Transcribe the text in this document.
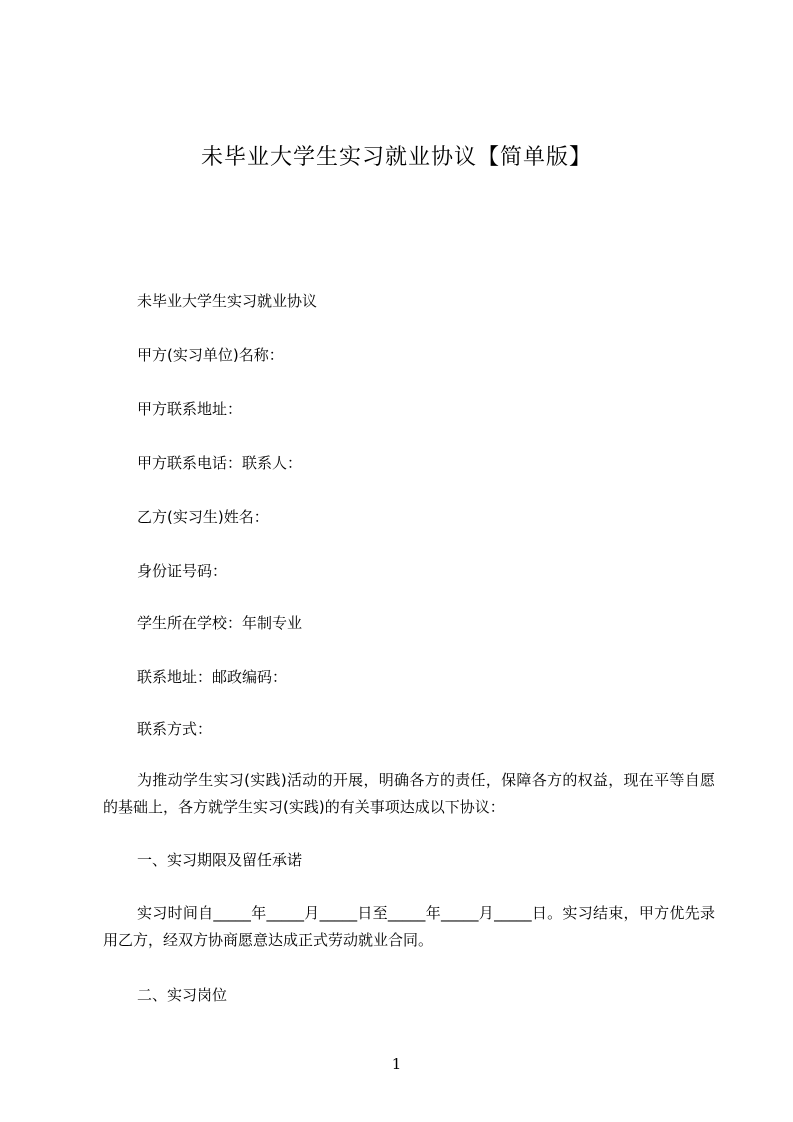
未毕业大学生实习就业协议【简单版】
未毕业大学生实习就业协议
甲方(实习单位)名称：
甲方联系地址：
甲方联系电话：联系人：
乙方(实习生)姓名：
身份证号码：
学生所在学校：年制专业
联系地址：邮政编码：
联系方式：
为推动学生实习(实践)活动的开展，明确各方的责任，保障各方的权益，现在平等自愿的基础上，各方就学生实习(实践)的有关事项达成以下协议：
一、实习期限及留任承诺
实习时间自_____年_____月_____日至_____年_____月_____日。实习结束，甲方优先录用乙方，经双方协商愿意达成正式劳动就业合同。
二、实习岗位
1
